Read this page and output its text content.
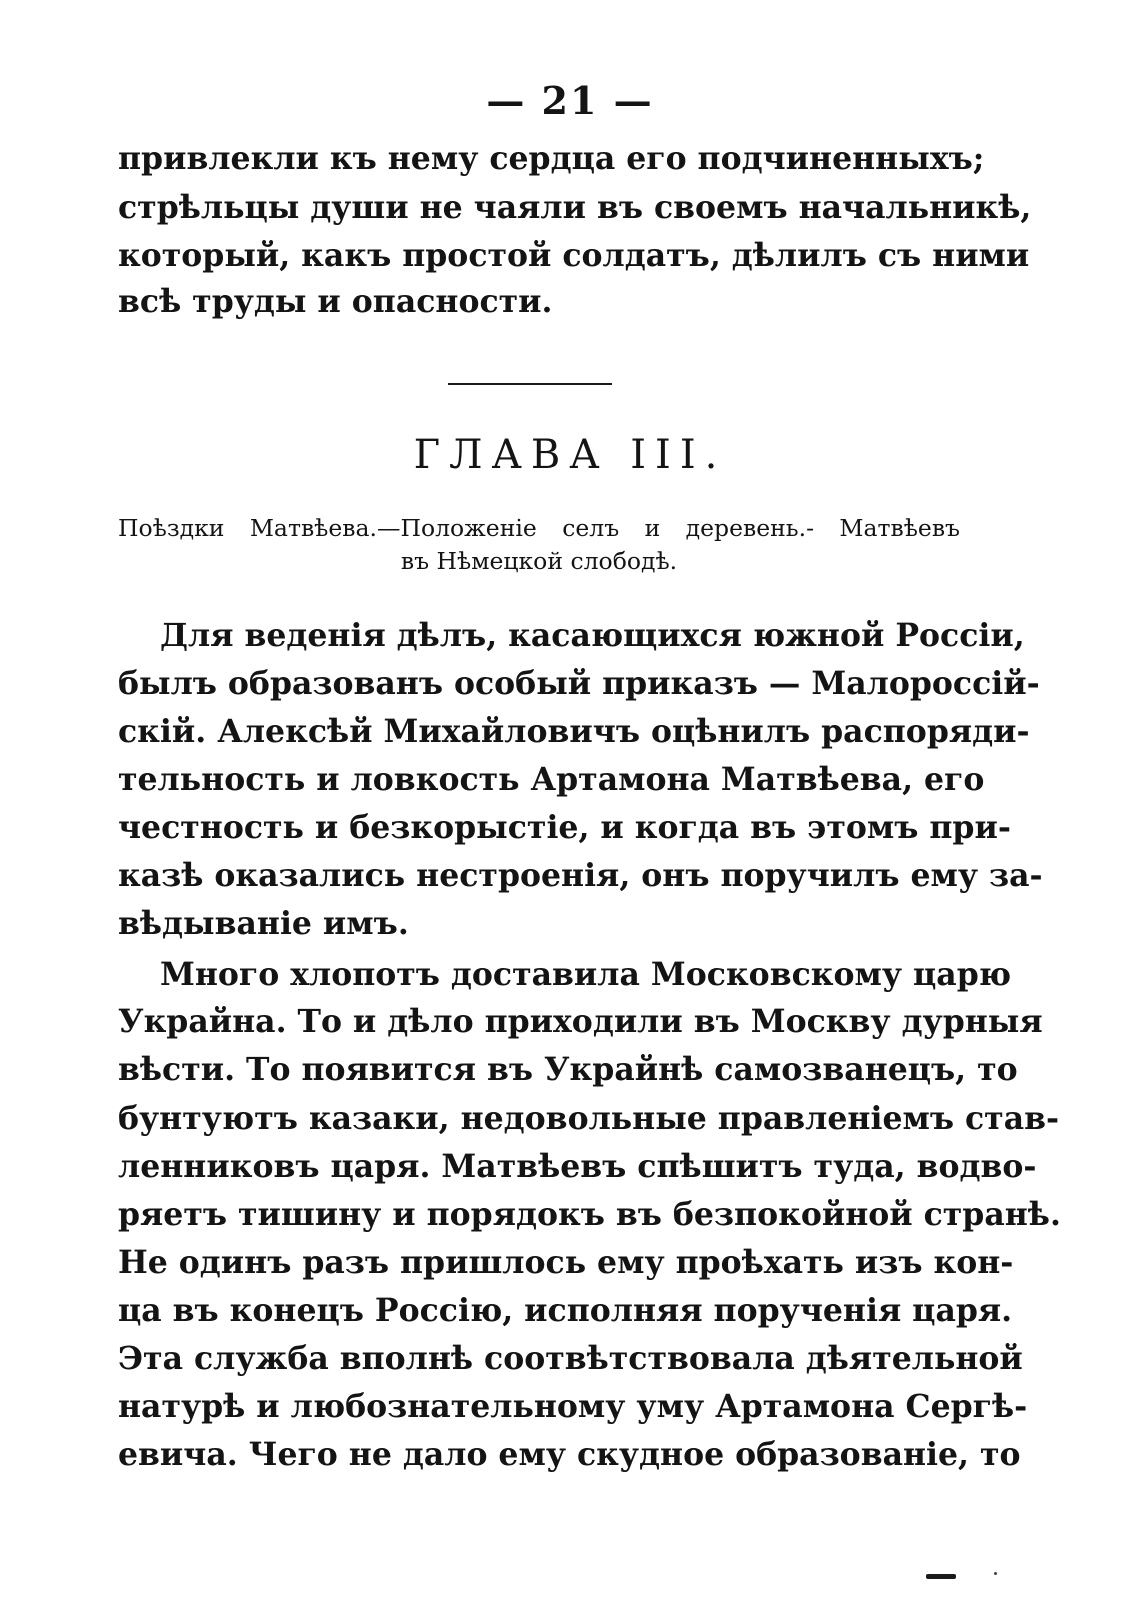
— 21 —
привлекли къ нему сердца его подчиненныхъ;
стрѣльцы души не чаяли въ своемъ начальникѣ,
который, какъ простой солдатъ, дѣлилъ съ ними
всѣ труды и опасности.
ГЛАВА III.
Поѣздки Матвѣева.—Положеніе селъ и деревень.- Матвѣевъ
въ Нѣмецкой слободѣ.
Для веденія дѣлъ, касающихся южной Россіи,
былъ образованъ особый приказъ — Малороссій-
скій. Алексѣй Михайловичъ оцѣнилъ распоряди-
тельность и ловкость Артамона Матвѣева, его
честность и безкорыстіе, и когда въ этомъ при-
казѣ оказались нестроенія, онъ поручилъ ему за-
вѣдываніе имъ.
Много хлопотъ доставила Московскому царю
Украйна. То и дѣло приходили въ Москву дурныя
вѣсти. То появится въ Украйнѣ самозванецъ, то
бунтуютъ казаки, недовольные правленіемъ став-
ленниковъ царя. Матвѣевъ спѣшитъ туда, водво-
ряетъ тишину и порядокъ въ безпокойной странѣ.
Не одинъ разъ пришлось ему проѣхать изъ кон-
ца въ конецъ Россію, исполняя порученія царя.
Эта служба вполнѣ соотвѣтствовала дѣятельной
натурѣ и любознательному уму Артамона Сергѣ-
евича. Чего не дало ему скудное образованіе, то
